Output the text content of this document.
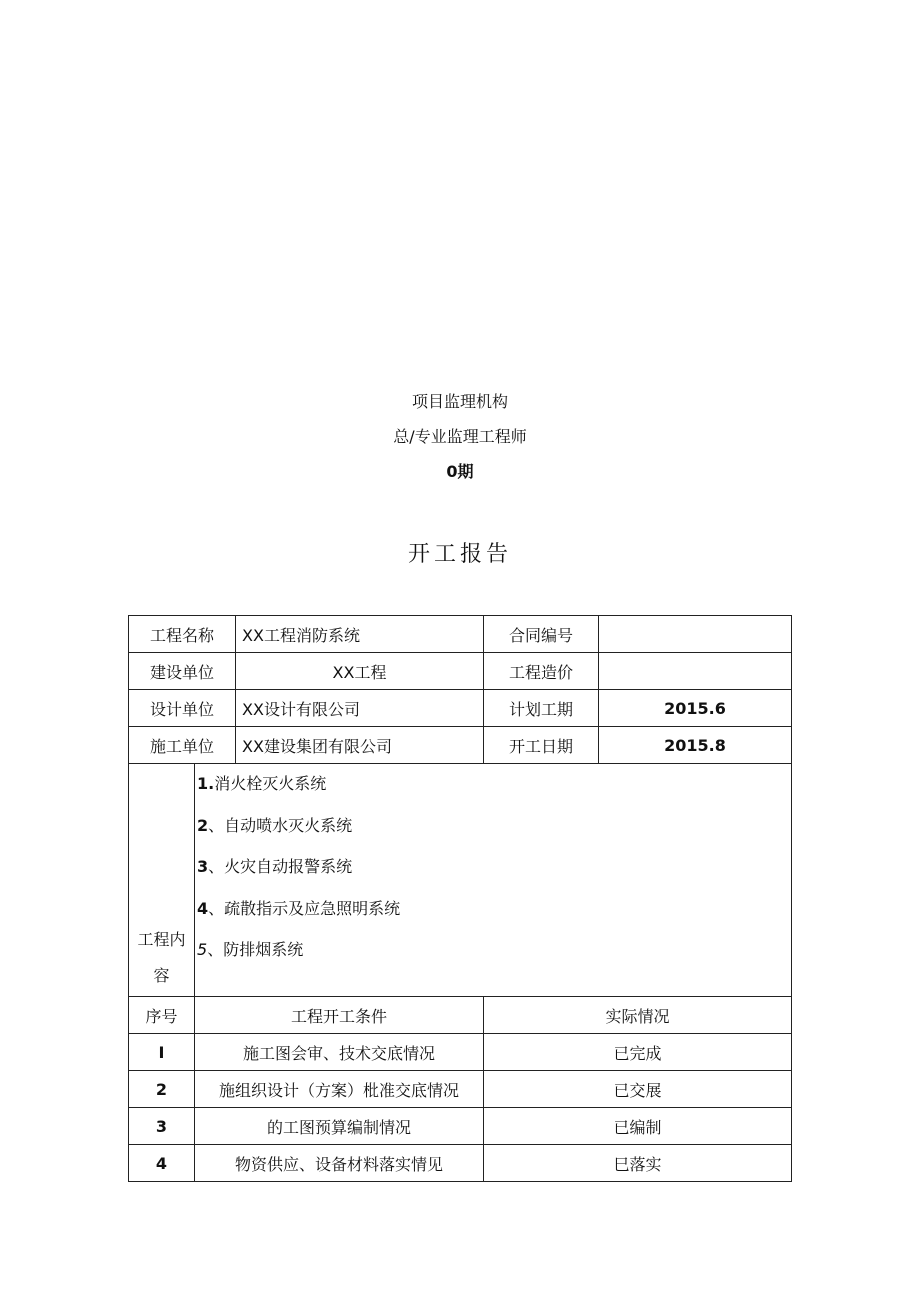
项目监理机构
总/专业监理工程师
0期
开工报告
工程名称		XX工程消防系统	合同编号	
建设单位		XX工程	工程造价	
设计单位		XX设计有限公司	计划工期	2015.6
施工单位		XX建设集团有限公司	开工日期	2015.8
工程内容	1.消火栓灭火系统
2、自动喷水灭火系统
3、火灾自动报警系统
4、疏散指示及应急照明系统
5、防排烟系统			

序号	工程开工条件		实际情况	
I	施工图会审、技术交底情况		已完成	
2	施组织设计（方案）枇准交底情况		已交展	
3	的工图预算编制情况		已编制	
4	物资供应、设备材料落实情见		巳落实	
